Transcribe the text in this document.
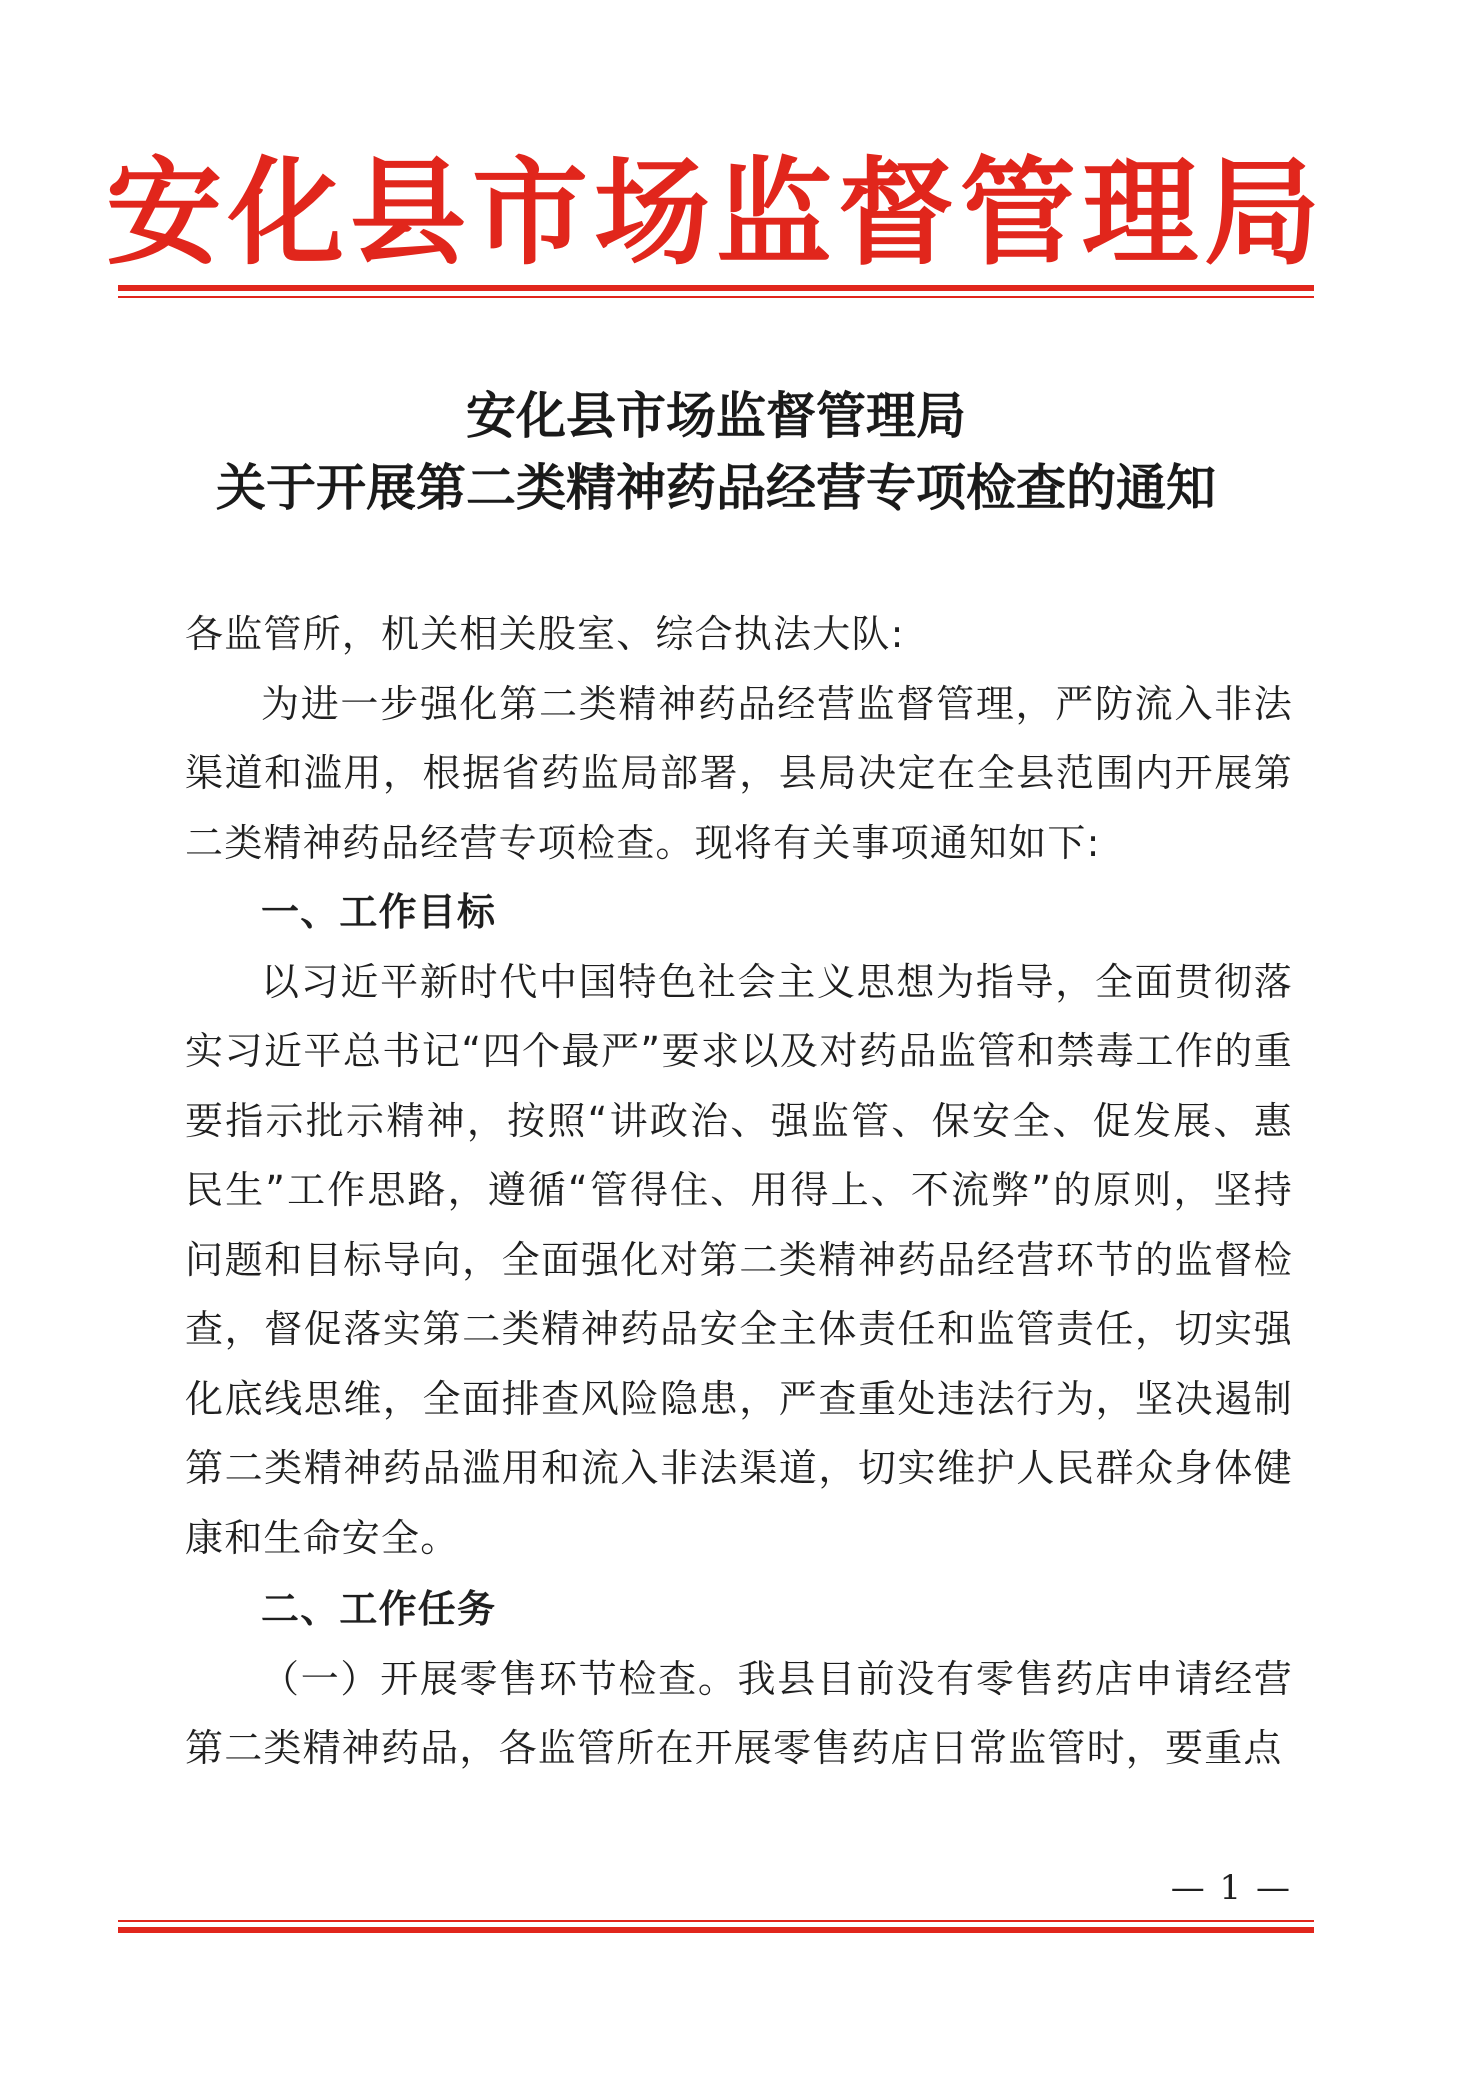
安化县市场监督管理局
安化县市场监督管理局
关于开展第二类精神药品经营专项检查的通知

各监管所，机关相关股室、综合执法大队:

为进一步强化第二类精神药品经营监督管理，严防流入非法渠道和滥用，根据省药监局部署，县局决定在全县范围内开展第二类精神药品经营专项检查。现将有关事项通知如下:

一、工作目标

以习近平新时代中国特色社会主义思想为指导，全面贯彻落实习近平总书记“四个最严”要求以及对药品监管和禁毒工作的重要指示批示精神，按照“讲政治、强监管、保安全、促发展、惠民生”工作思路，遵循“管得住、用得上、不流弊”的原则，坚持问题和目标导向，全面强化对第二类精神药品经营环节的监督检查，督促落实第二类精神药品安全主体责任和监管责任，切实强化底线思维，全面排查风险隐患，严查重处违法行为，坚决遏制第二类精神药品滥用和流入非法渠道，切实维护人民群众身体健康和生命安全。

二、工作任务

（一）开展零售环节检查。我县目前没有零售药店申请经营第二类精神药品，各监管所在开展零售药店日常监管时，要重点

— 1 —
